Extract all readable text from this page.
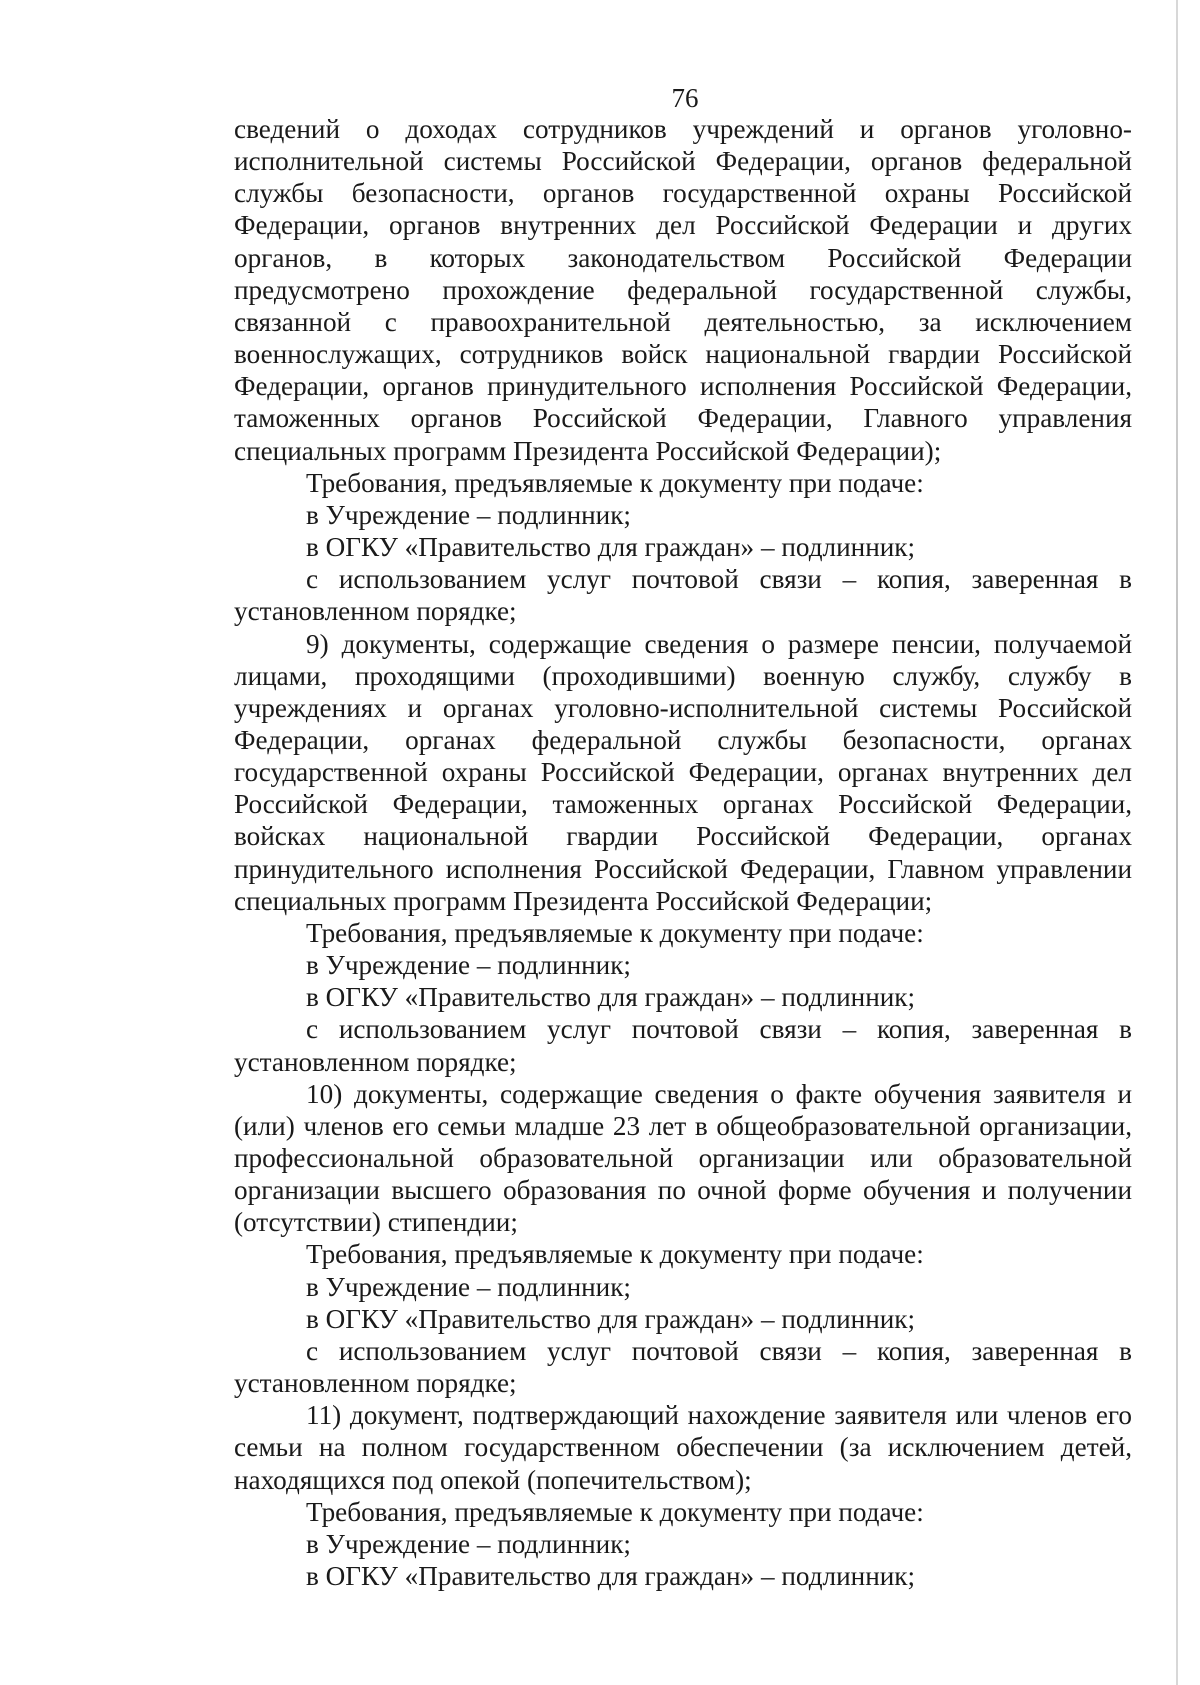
76

сведений о доходах сотрудников учреждений и органов уголовно-исполнительной системы Российской Федерации, органов федеральной службы безопасности, органов государственной охраны Российской Федерации, органов внутренних дел Российской Федерации и других органов, в которых законодательством Российской Федерации предусмотрено прохождение федеральной государственной службы, связанной с правоохранительной деятельностью, за исключением военнослужащих, сотрудников войск национальной гвардии Российской Федерации, органов принудительного исполнения Российской Федерации, таможенных органов Российской Федерации, Главного управления специальных программ Президента Российской Федерации);

Требования, предъявляемые к документу при подаче:

в Учреждение – подлинник;

в ОГКУ «Правительство для граждан» – подлинник;

с использованием услуг почтовой связи – копия, заверенная в установленном порядке;

9) документы, содержащие сведения о размере пенсии, получаемой лицами, проходящими (проходившими) военную службу, службу в учреждениях и органах уголовно-исполнительной системы Российской Федерации, органах федеральной службы безопасности, органах государственной охраны Российской Федерации, органах внутренних дел Российской Федерации, таможенных органах Российской Федерации, войсках национальной гвардии Российской Федерации, органах принудительного исполнения Российской Федерации, Главном управлении специальных программ Президента Российской Федерации;

Требования, предъявляемые к документу при подаче:

в Учреждение – подлинник;

в ОГКУ «Правительство для граждан» – подлинник;

с использованием услуг почтовой связи – копия, заверенная в установленном порядке;

10) документы, содержащие сведения о факте обучения заявителя и (или) членов его семьи младше 23 лет в общеобразовательной организации, профессиональной образовательной организации или образовательной организации высшего образования по очной форме обучения и получении (отсутствии) стипендии;

Требования, предъявляемые к документу при подаче:

в Учреждение – подлинник;

в ОГКУ «Правительство для граждан» – подлинник;

с использованием услуг почтовой связи – копия, заверенная в установленном порядке;

11) документ, подтверждающий нахождение заявителя или членов его семьи на полном государственном обеспечении (за исключением детей, находящихся под опекой (попечительством);

Требования, предъявляемые к документу при подаче:

в Учреждение – подлинник;

в ОГКУ «Правительство для граждан» – подлинник;
